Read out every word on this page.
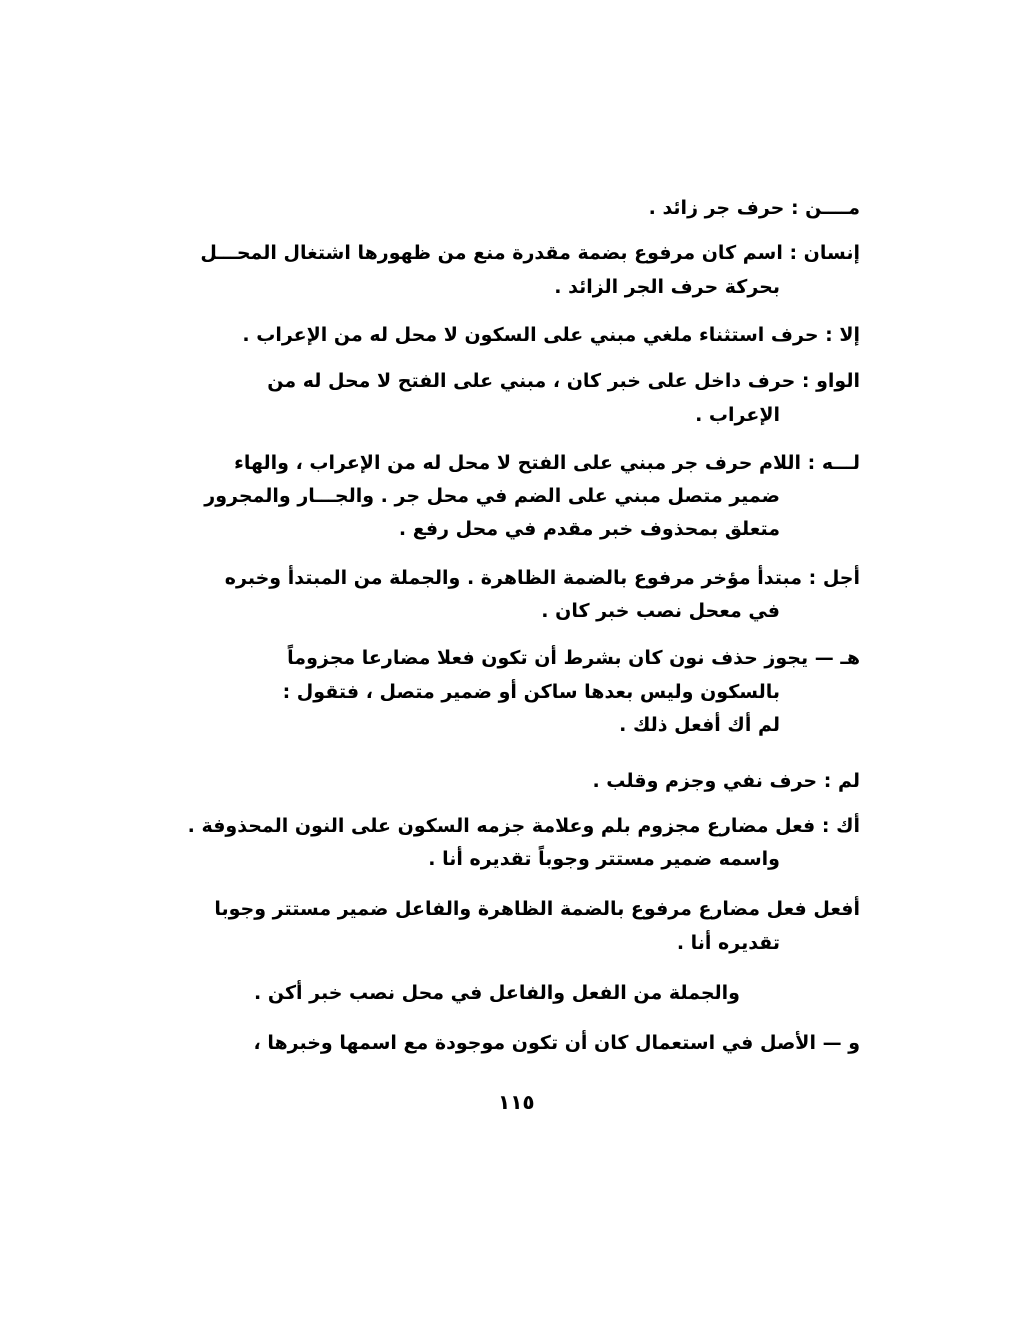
مــــن : حرف جر زائد .
إنسان : اسم كان مرفوع بضمة مقدرة منع من ظهورها اشتغال المحـــل
بحركة حرف الجر الزائد .
إلا : حرف استثناء ملغي مبني على السكون لا محل له من الإعراب .
الواو : حرف داخل على خبر كان ، مبني على الفتح لا محل له من
الإعراب .
لـــه : اللام حرف جر مبني على الفتح لا محل له من الإعراب ، والهاء
ضمير متصل مبني على الضم في محل جر . والجـــار والمجرور
متعلق بمحذوف خبر مقدم في محل رفع .
أجل : مبتدأ مؤخر مرفوع بالضمة الظاهرة . والجملة من المبتدأ وخبره
في معحل نصب خبر كان .
هـ — يجوز حذف نون كان بشرط أن تكون فعلا مضارعا مجزوماً
بالسكون وليس بعدها ساكن أو ضمير متصل ، فتقول :
لم أك أفعل ذلك .
لم : حرف نفي وجزم وقلب .
أك : فعل مضارع مجزوم بلم وعلامة جزمه السكون على النون المحذوفة .
واسمه ضمير مستتر وجوباً تقديره أنا .
أفعل فعل مضارع مرفوع بالضمة الظاهرة والفاعل ضمير مستتر وجوبا
تقديره أنا .
والجملة من الفعل والفاعل في محل نصب خبر أكن .
و — الأصل في استعمال كان أن تكون موجودة مع اسمها وخبرها ،
١١٥
